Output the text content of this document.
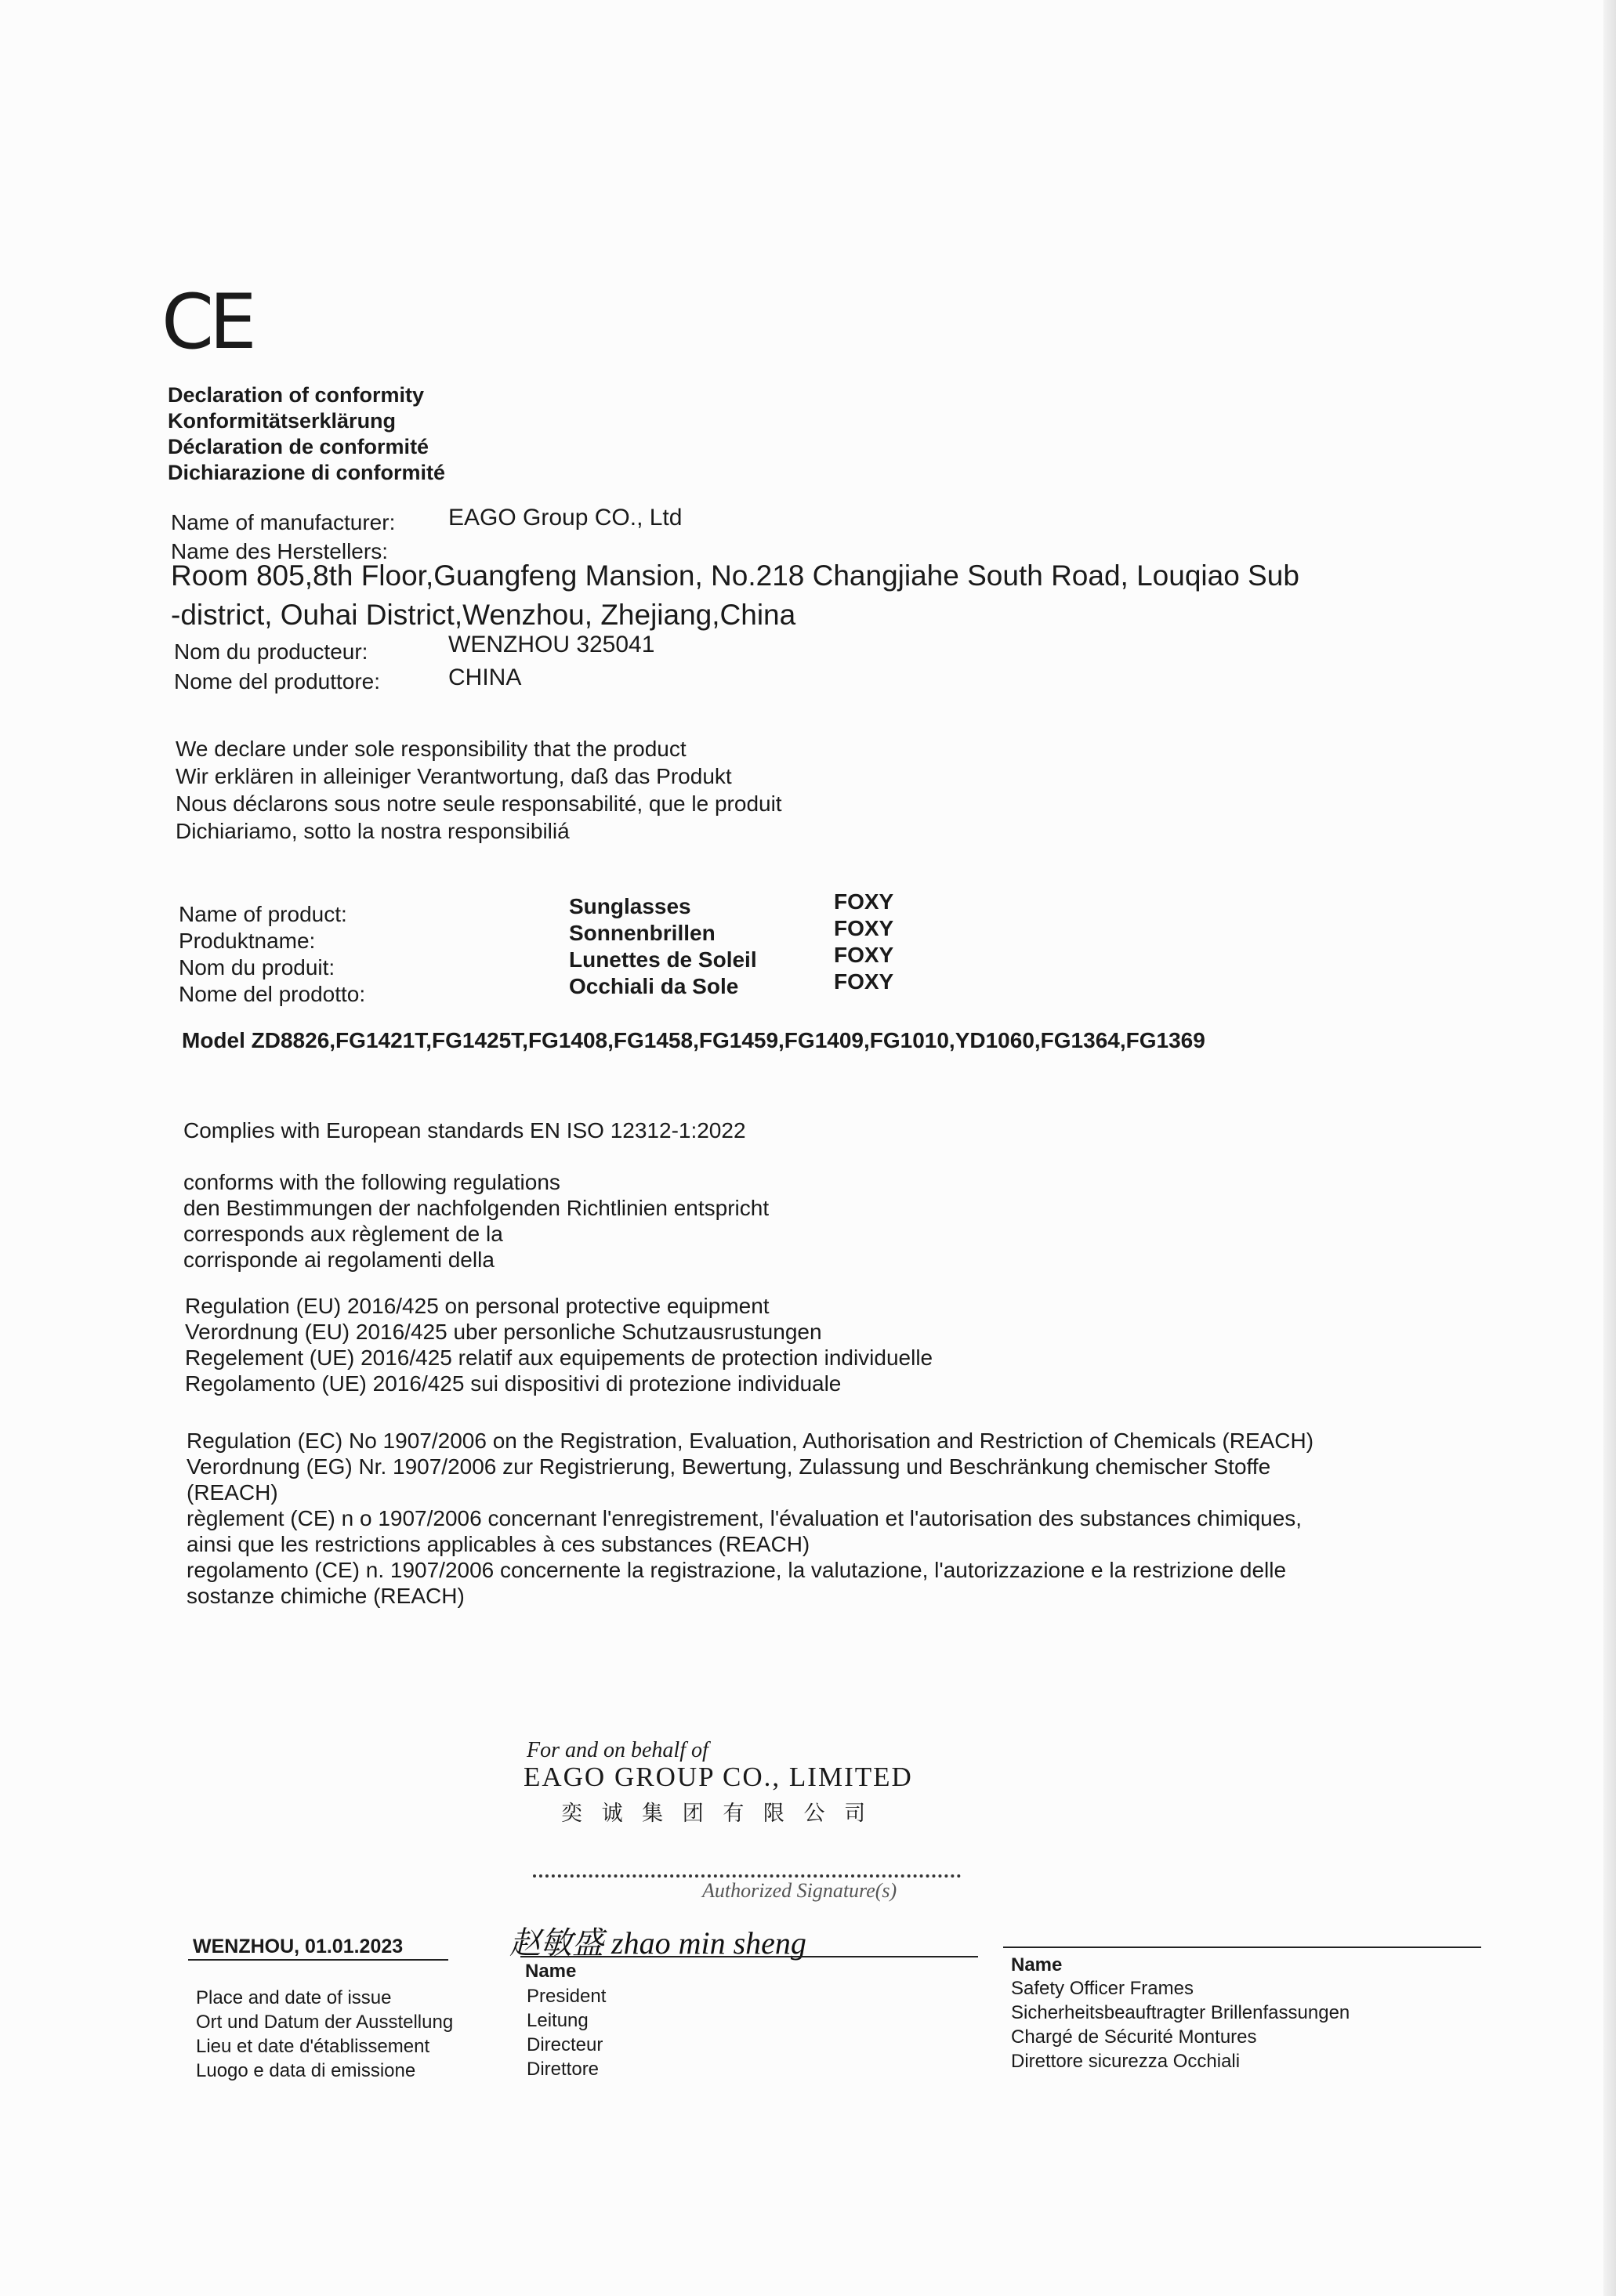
CE
Declaration of conformity
Konformitätserklärung
Déclaration de conformité
Dichiarazione di conformité
Name of manufacturer: EAGO Group CO., Ltd
Name des Herstellers:
Room 805,8th Floor,Guangfeng Mansion, No.218 Changjiahe South Road, Louqiao Sub
-district, Ouhai District,Wenzhou, Zhejiang,China
Nom du producteur:	WENZHOU 325041
Nome del produttore:	CHINA
We declare under sole responsibility that the product
Wir erklären in alleiniger Verantwortung, daß das Produkt
Nous déclarons sous notre seule responsabilité, que le produit
Dichiariamo, sotto la nostra responsibiliá
Name of product:
Produktname:
Nom du produit:
Nome del prodotto:
Sunglasses
Sonnenbrillen
Lunettes de Soleil
Occhiali da Sole
FOXY
FOXY
FOXY
FOXY
Model ZD8826,FG1421T,FG1425T,FG1408,FG1458,FG1459,FG1409,FG1010,YD1060,FG1364,FG1369
Complies with European standards EN ISO 12312-1:2022
conforms with the following regulations
den Bestimmungen der nachfolgenden Richtlinien entspricht
corresponds aux règlement de la
corrisponde ai regolamenti della
Regulation (EU) 2016/425 on personal protective equipment
Verordnung (EU) 2016/425 uber personliche Schutzausrustungen
Regelement (UE) 2016/425 relatif aux equipements de protection individuelle
Regolamento (UE) 2016/425 sui dispositivi di protezione individuale
Regulation (EC) No 1907/2006 on the Registration, Evaluation, Authorisation and Restriction of Chemicals (REACH)
Verordnung (EG) Nr. 1907/2006 zur Registrierung, Bewertung, Zulassung und Beschränkung chemischer Stoffe
(REACH)
règlement (CE) n o 1907/2006 concernant l'enregistrement, l'évaluation et l'autorisation des substances chimiques,
ainsi que les restrictions applicables à ces substances (REACH)
regolamento (CE) n. 1907/2006 concernente la registrazione, la valutazione, l'autorizzazione e la restrizione delle
sostanze chimiche (REACH)
For and on behalf of
EAGO GROUP CO., LIMITED
奕 诚 集 团 有 限 公 司
Authorized Signature(s)
WENZHOU, 01.01.2023
Place and date of issue
Ort und Datum der Ausstellung
Lieu et date d'établissement
Luogo e data di emissione
赵敏盛 zhao min sheng
Name
President
Leitung
Directeur
Direttore
Name
Safety Officer Frames
Sicherheitsbeauftragter Brillenfassungen
Chargé de Sécurité Montures
Direttore sicurezza Occhiali
